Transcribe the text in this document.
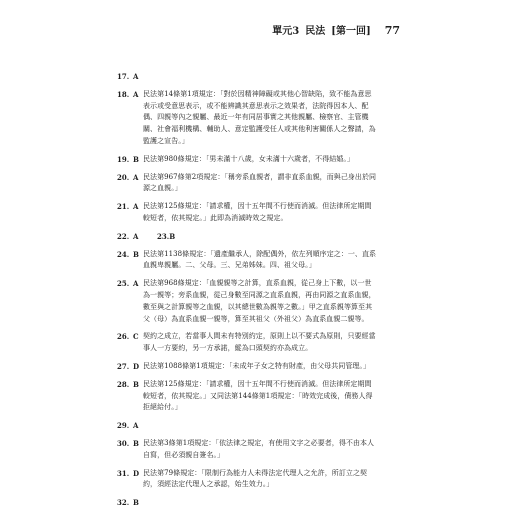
單元3 民法 [第一回] 77
17. A
18. A 民法第14條第1項規定：「對於因精神障礙或其他心智缺陷，致不能為意思
表示或受意思表示，或不能辨識其意思表示之效果者，法院得因本人、配
偶、四親等內之親屬、最近一年有同居事實之其他親屬、檢察官、主管機
關、社會福利機構、輔助人、意定監護受任人或其他利害關係人之聲請，為
監護之宣告。」
19. B 民法第980條規定：「男未滿十八歲，女未滿十六歲者，不得結婚。」
20. A 民法第967條第2項規定：「稱旁系血親者，謂非直系血親，而與己身出於同
源之血親。」
21. A 民法第125條規定：「請求權，因十五年間不行使而消滅。但法律所定期間
較短者，依其規定。」此即為消滅時效之規定。
22. A	23. B
24. B 民法第1138條規定：「遺產繼承人，除配偶外，依左列順序定之：一、直系
血親卑親屬。二、父母。三、兄弟姊妹。四、祖父母。」
25. A 民法第968條規定：「血親親等之計算，直系血親，從己身上下數，以一世
為一親等；旁系血親，從己身數至同源之直系血親，再由同源之直系血親，
數至與之計算親等之血親，以其總世數為親等之數。」甲之直系親等算至其
父（母）為直系血親一親等，算至其祖父（外祖父）為直系血親二親等。
26. C 契約之成立，若當事人間未有特別約定，原則上以不要式為原則，只要經當
事人一方要約，另一方承諾，縱為口頭契約亦為成立。
27. D 民法第1088條第1項規定：「未成年子女之特有財產，由父母共同管理。」
28. B 民法第125條規定：「請求權，因十五年間不行使而消滅。但法律所定期間
較短者，依其規定。」又同法第144條第1項規定：「時效完成後，債務人得
拒絕給付。」
29. A
30. B 民法第3條第1項規定：「依法律之規定，有使用文字之必要者，得不由本人
自寫，但必須親自簽名。」
31. D 民法第79條規定：「限制行為能力人未得法定代理人之允許，所訂立之契
約，須經法定代理人之承認，始生效力。」
32. B
